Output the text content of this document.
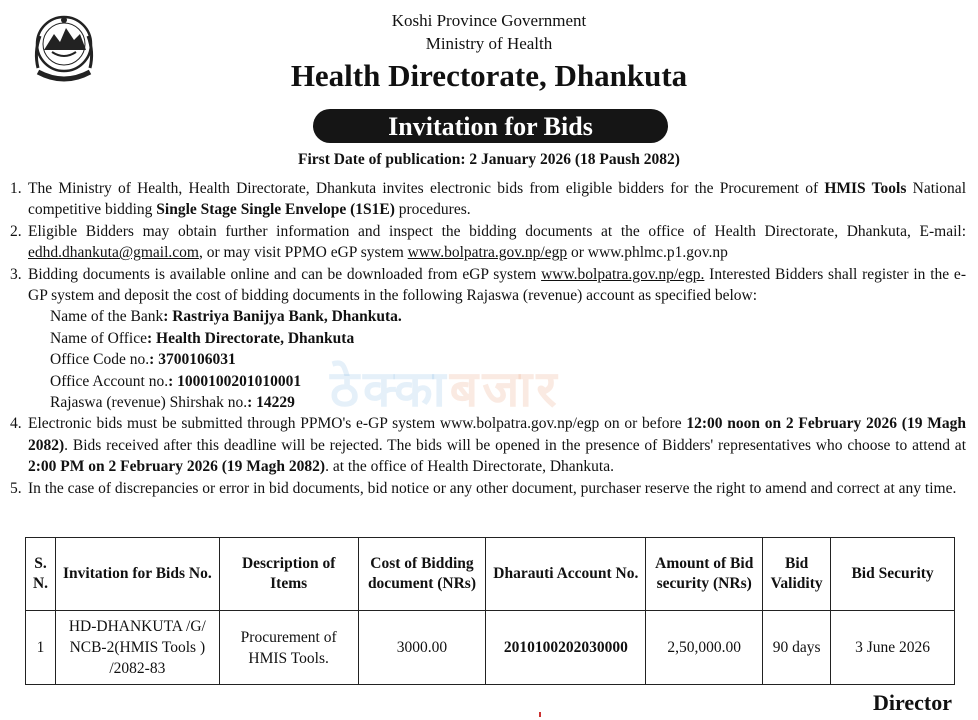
Koshi Province Government
Ministry of Health
Health Directorate, Dhankuta
Invitation for Bids
First Date of publication: 2 January 2026 (18 Paush 2082)
ठेक्काबजार
1. The Ministry of Health, Health Directorate, Dhankuta invites electronic bids from eligible bidders for the Procurement of HMIS Tools National competitive bidding Single Stage Single Envelope (1S1E) procedures.
2. Eligible Bidders may obtain further information and inspect the bidding documents at the office of Health Directorate, Dhankuta, E-mail: edhd.dhankuta@gmail.com, or may visit PPMO eGP system www.bolpatra.gov.np/egp or www.phlmc.p1.gov.np
3. Bidding documents is available online and can be downloaded from eGP system www.bolpatra.gov.np/egp. Interested Bidders shall register in the e-GP system and deposit the cost of bidding documents in the following Rajaswa (revenue) account as specified below:
Name of the Bank: Rastriya Banijya Bank, Dhankuta.
Name of Office: Health Directorate, Dhankuta
Office Code no.: 3700106031
Office Account no.: 1000100201010001
Rajaswa (revenue) Shirshak no.: 14229
4. Electronic bids must be submitted through PPMO's e-GP system www.bolpatra.gov.np/egp on or before 12:00 noon on 2 February 2026 (19 Magh 2082). Bids received after this deadline will be rejected. The bids will be opened in the presence of Bidders' representatives who choose to attend at 2:00 PM on 2 February 2026 (19 Magh 2082). at the office of Health Directorate, Dhankuta.
5. In the case of discrepancies or error in bid documents, bid notice or any other document, purchaser reserve the right to amend and correct at any time.
S. N.	Invitation for Bids No.	Description of Items	Cost of Bidding document (NRs)	Dharauti Account No.	Amount of Bid security (NRs)	Bid Validity	Bid Security
1	HD-DHANKUTA /G/ NCB-2(HMIS Tools ) /2082-83	Procurement of HMIS Tools.	3000.00	2010100202030000	2,50,000.00	90 days	3 June 2026
Director
